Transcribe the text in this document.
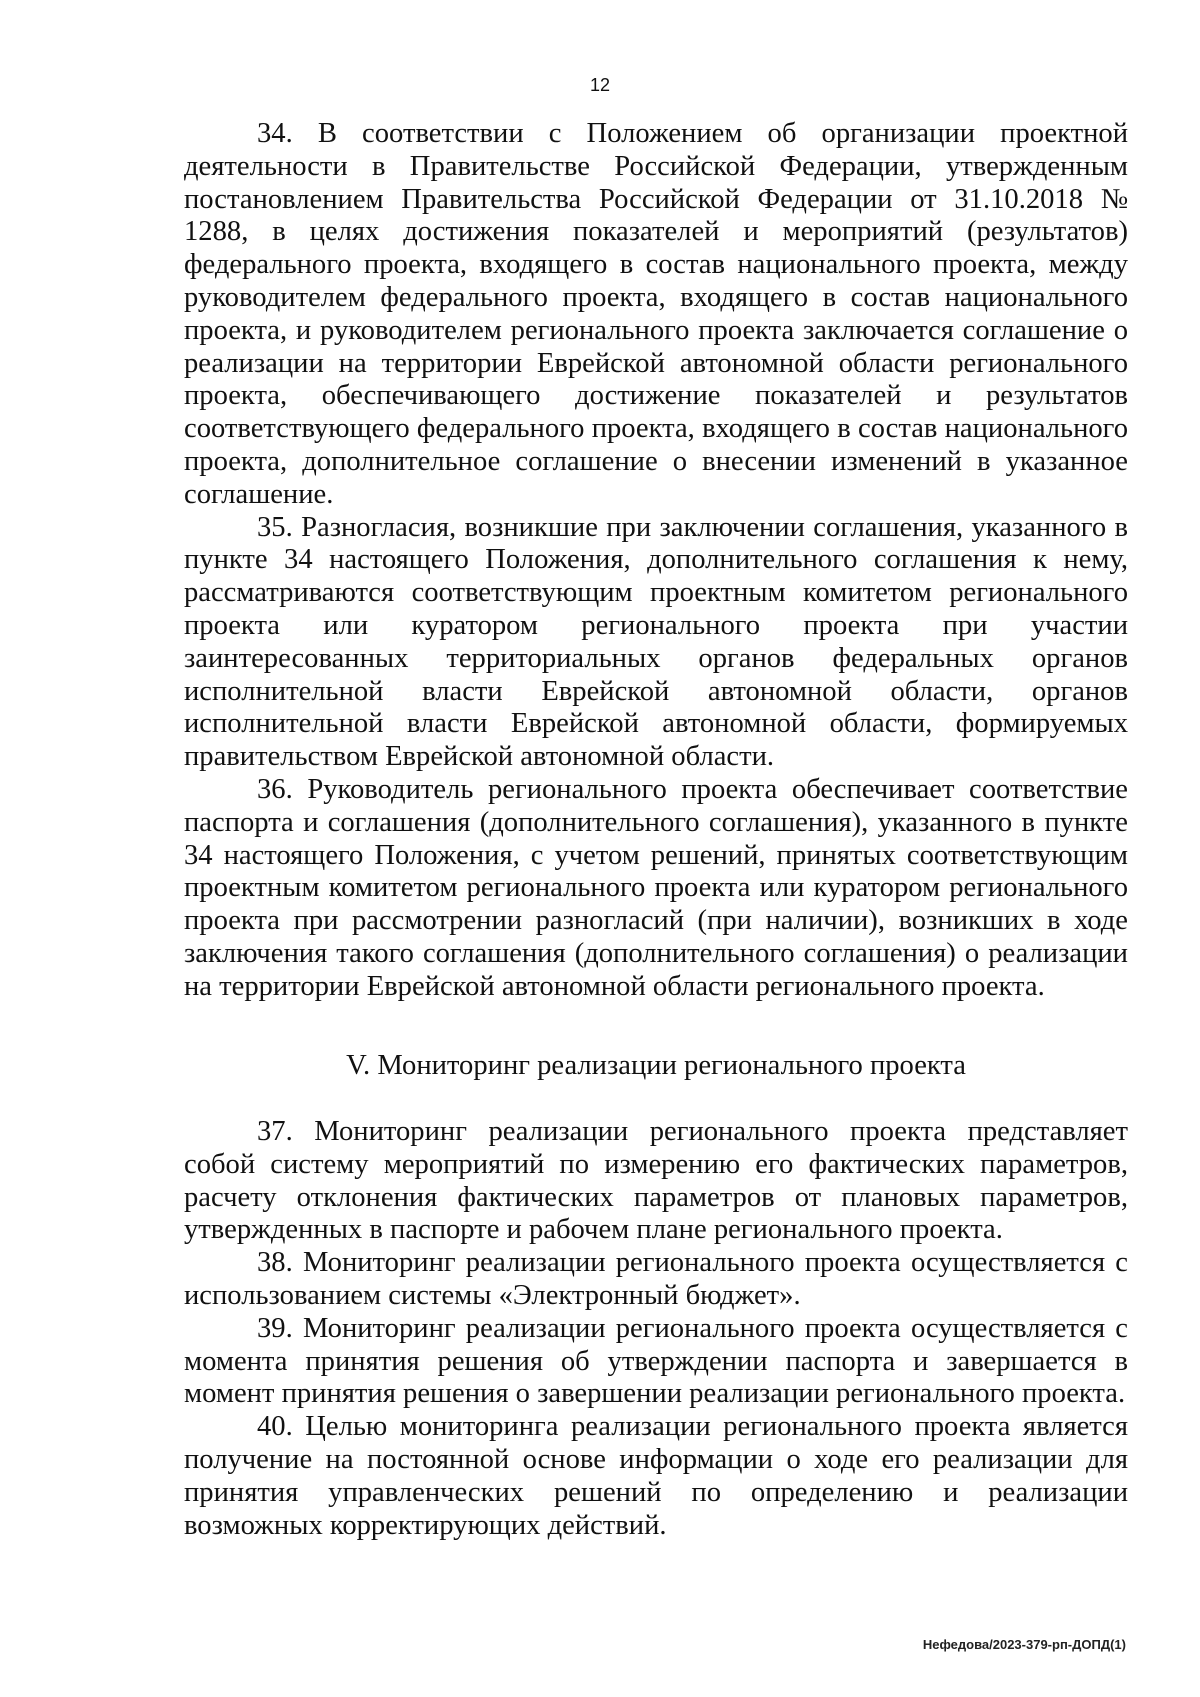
12

34. В соответствии с Положением об организации проектной деятельности в Правительстве Российской Федерации, утвержденным постановлением Правительства Российской Федерации от 31.10.2018 № 1288, в целях достижения показателей и мероприятий (результатов) федерального проекта, входящего в состав национального проекта, между руководителем федерального проекта, входящего в состав национального проекта, и руководителем регионального проекта заключается соглашение о реализации на территории Еврейской автономной области регионального проекта, обеспечивающего достижение показателей и результатов соответствующего федерального проекта, входящего в состав национального проекта, дополнительное соглашение о внесении изменений в указанное соглашение.

35. Разногласия, возникшие при заключении соглашения, указанного в пункте 34 настоящего Положения, дополнительного соглашения к нему, рассматриваются соответствующим проектным комитетом регионального проекта или куратором регионального проекта при участии заинтересованных территориальных органов федеральных органов исполнительной власти Еврейской автономной области, органов исполнительной власти Еврейской автономной области, формируемых правительством Еврейской автономной области.

36. Руководитель регионального проекта обеспечивает соответствие паспорта и соглашения (дополнительного соглашения), указанного в пункте 34 настоящего Положения, с учетом решений, принятых соответствующим проектным комитетом регионального проекта или куратором регионального проекта при рассмотрении разногласий (при наличии), возникших в ходе заключения такого соглашения (дополнительного соглашения) о реализации на территории Еврейской автономной области регионального проекта.

V. Мониторинг реализации регионального проекта

37. Мониторинг реализации регионального проекта представляет собой систему мероприятий по измерению его фактических параметров, расчету отклонения фактических параметров от плановых параметров, утвержденных в паспорте и рабочем плане регионального проекта.

38. Мониторинг реализации регионального проекта осуществляется с использованием системы «Электронный бюджет».

39. Мониторинг реализации регионального проекта осуществляется с момента принятия решения об утверждении паспорта и завершается в момент принятия решения о завершении реализации регионального проекта.

40. Целью мониторинга реализации регионального проекта является получение на постоянной основе информации о ходе его реализации для принятия управленческих решений по определению и реализации возможных корректирующих действий.

Нефедова/2023-379-рп-ДОПД(1)
